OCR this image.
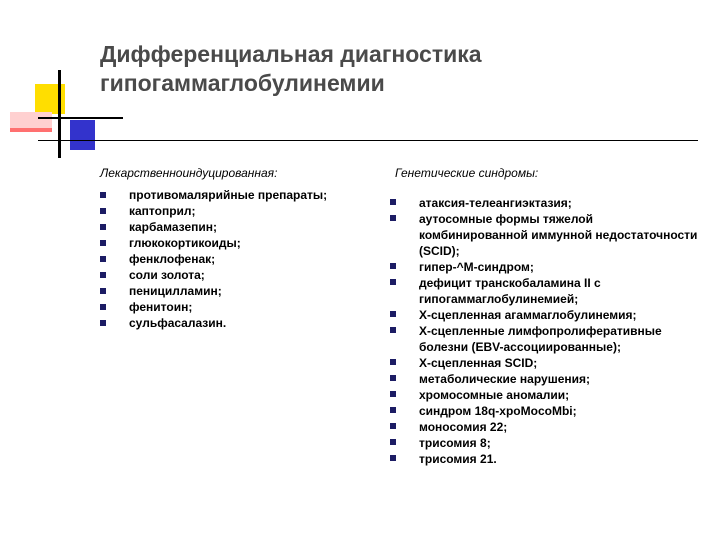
Дифференциальная диагностика
гипогаммаглобулинемии

Лекарственноиндуцированная:	Генетические синдромы:

противомалярийные препараты;
каптоприл;
карбамазепин;
глюкокортикоиды;
фенклофенак;
соли золота;
пеницилламин;
фенитоин;
сульфасалазин.
атаксия-телеангиэктазия;
аутосомные формы тяжелой комбинированной иммунной недостаточности (SCID);
гипер-^M-синдром;
дефицит транскобаламина II с гипогаммаглобулинемией;
Х-сцепленная агаммаглобулинемия;
Х-сцепленные лимфопролиферативные болезни (EBV-ассоциированные);
Х-сцепленная SCID;
метаболические нарушения;
хромосомные аномалии;
синдром 18q-хроMocoMbi;
моносомия 22;
трисомия 8;
трисомия 21.
